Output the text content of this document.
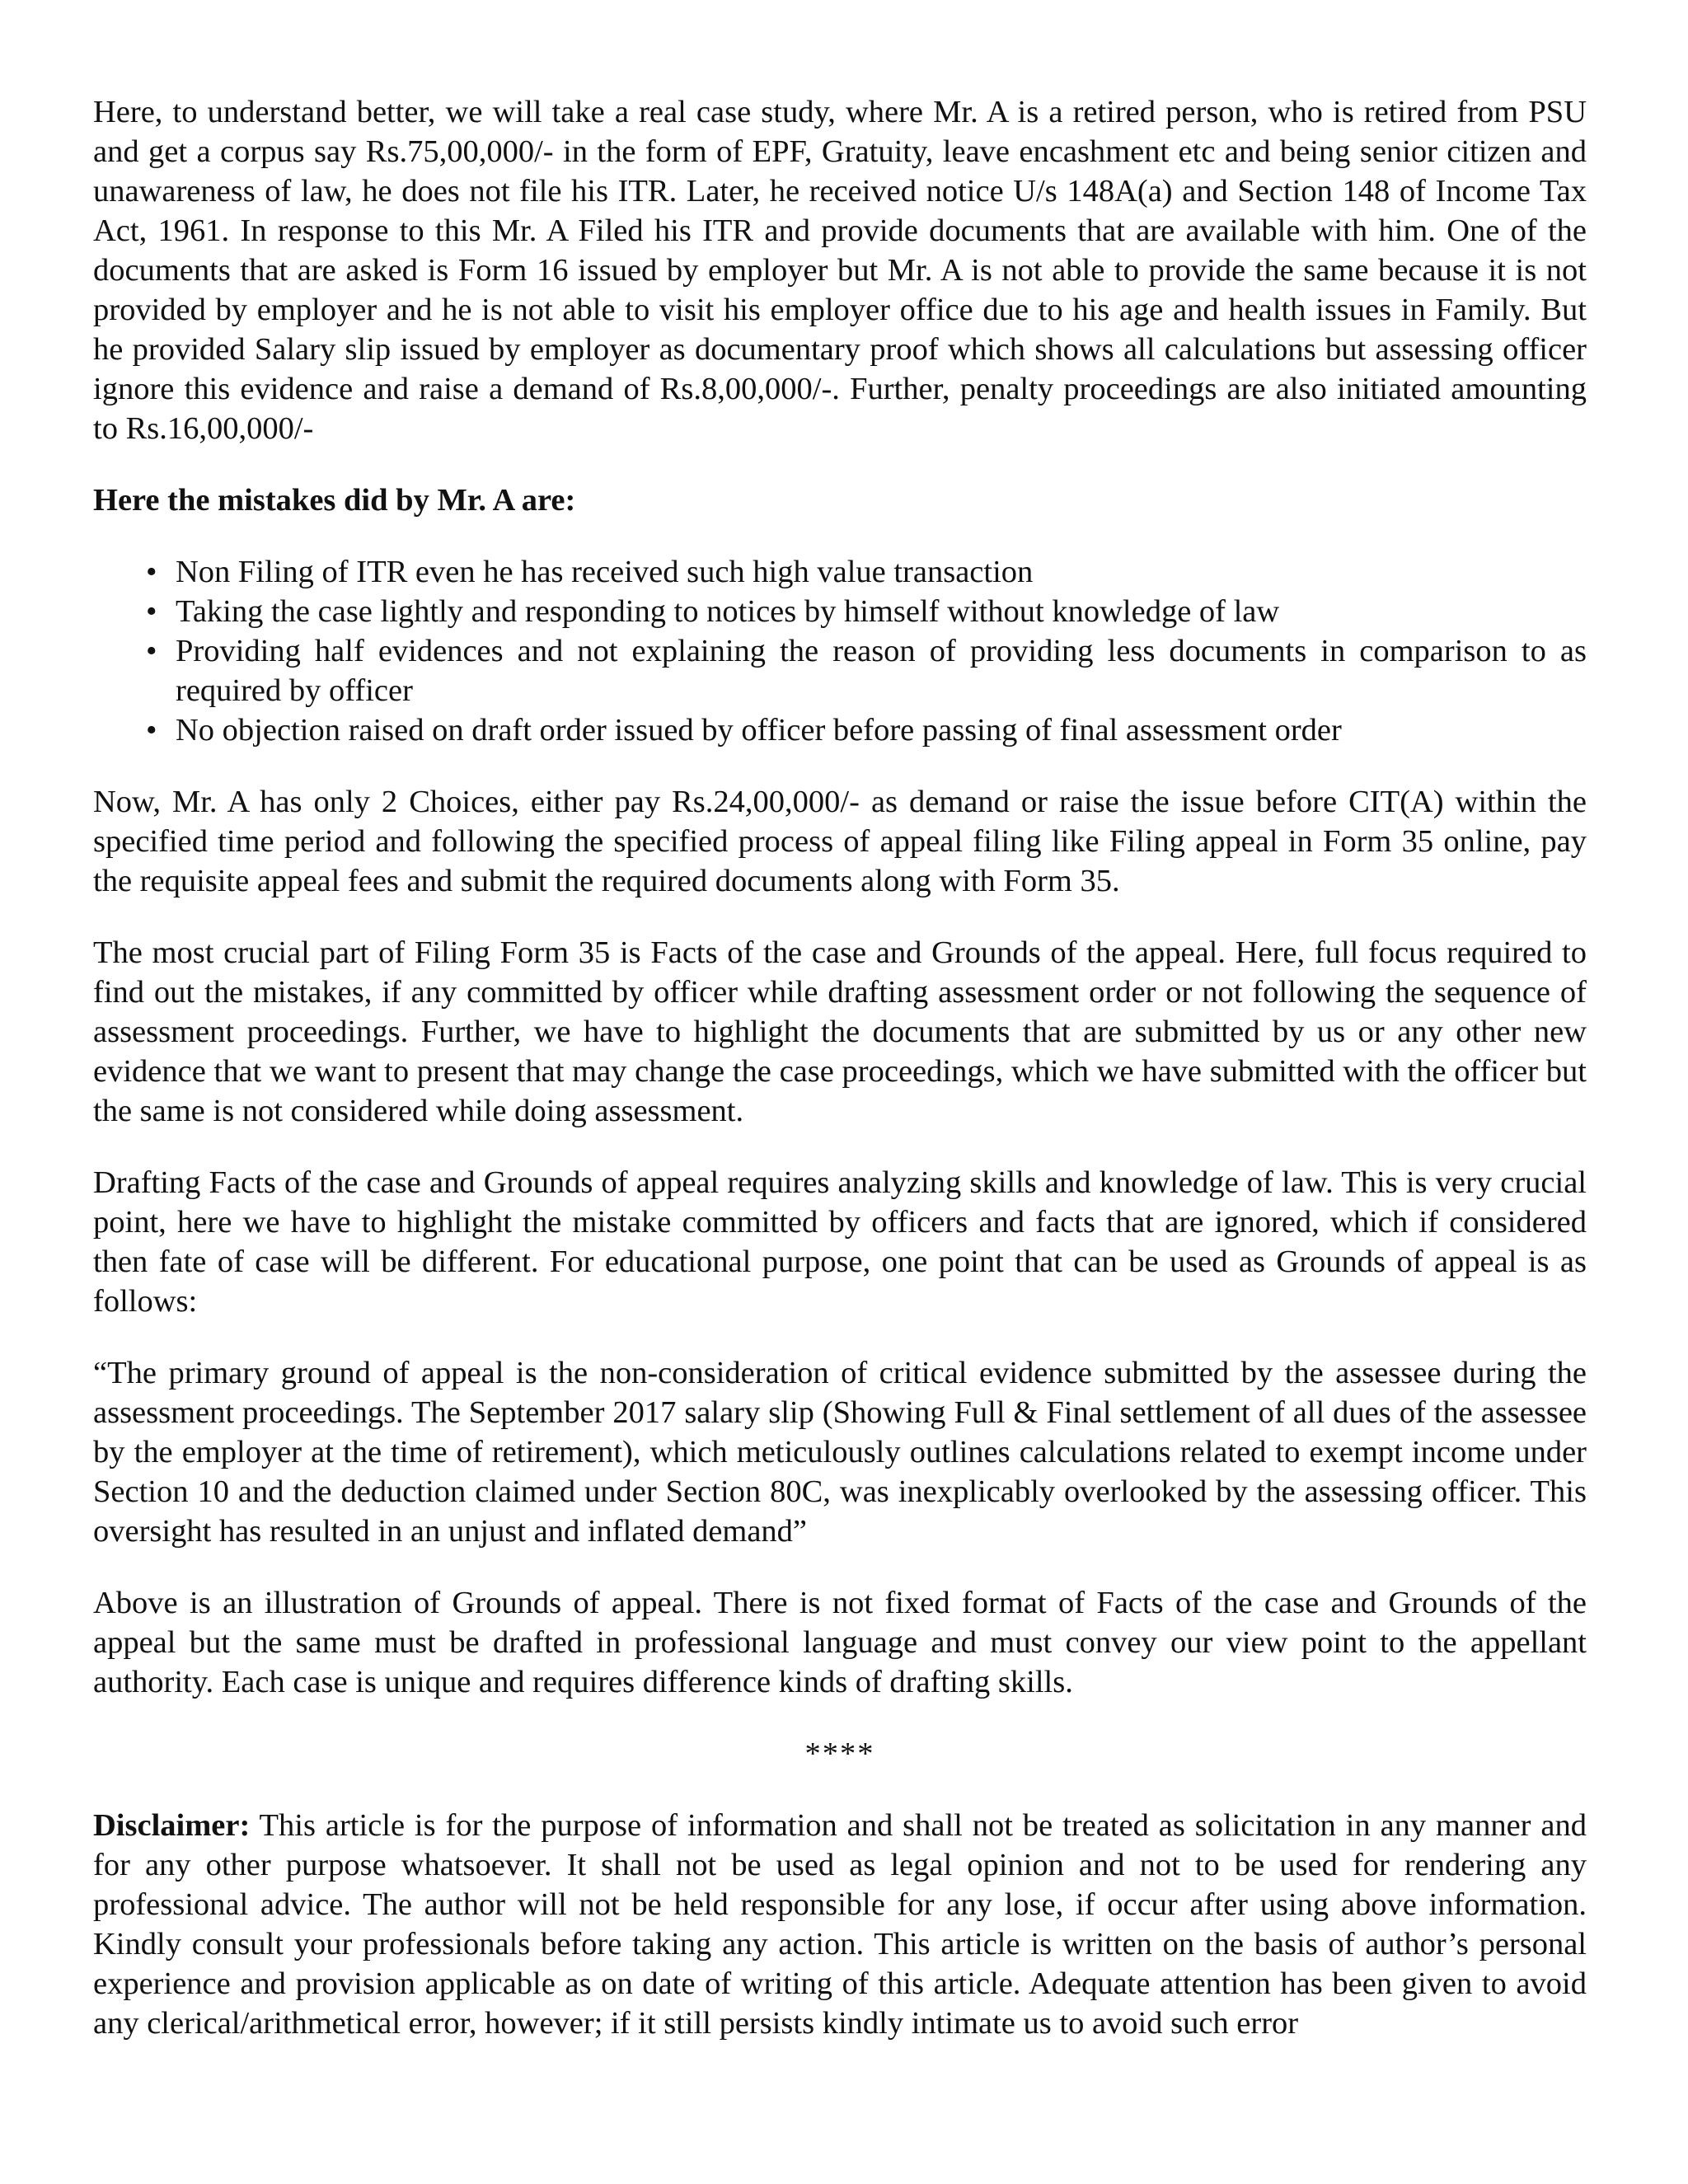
Here, to understand better, we will take a real case study, where Mr. A is a retired person, who is retired from PSU and get a corpus say Rs.75,00,000/- in the form of EPF, Gratuity, leave encashment etc and being senior citizen and unawareness of law, he does not file his ITR. Later, he received notice U/s 148A(a) and Section 148 of Income Tax Act, 1961. In response to this Mr. A Filed his ITR and provide documents that are available with him. One of the documents that are asked is Form 16 issued by employer but Mr. A is not able to provide the same because it is not provided by employer and he is not able to visit his employer office due to his age and health issues in Family. But he provided Salary slip issued by employer as documentary proof which shows all calculations but assessing officer ignore this evidence and raise a demand of Rs.8,00,000/-. Further, penalty proceedings are also initiated amounting to Rs.16,00,000/-

Here the mistakes did by Mr. A are:

• Non Filing of ITR even he has received such high value transaction
• Taking the case lightly and responding to notices by himself without knowledge of law
• Providing half evidences and not explaining the reason of providing less documents in comparison to as required by officer
• No objection raised on draft order issued by officer before passing of final assessment order

Now, Mr. A has only 2 Choices, either pay Rs.24,00,000/- as demand or raise the issue before CIT(A) within the specified time period and following the specified process of appeal filing like Filing appeal in Form 35 online, pay the requisite appeal fees and submit the required documents along with Form 35.

The most crucial part of Filing Form 35 is Facts of the case and Grounds of the appeal. Here, full focus required to find out the mistakes, if any committed by officer while drafting assessment order or not following the sequence of assessment proceedings. Further, we have to highlight the documents that are submitted by us or any other new evidence that we want to present that may change the case proceedings, which we have submitted with the officer but the same is not considered while doing assessment.

Drafting Facts of the case and Grounds of appeal requires analyzing skills and knowledge of law. This is very crucial point, here we have to highlight the mistake committed by officers and facts that are ignored, which if considered then fate of case will be different. For educational purpose, one point that can be used as Grounds of appeal is as follows:

“The primary ground of appeal is the non-consideration of critical evidence submitted by the assessee during the assessment proceedings. The September 2017 salary slip (Showing Full & Final settlement of all dues of the assessee by the employer at the time of retirement), which meticulously outlines calculations related to exempt income under Section 10 and the deduction claimed under Section 80C, was inexplicably overlooked by the assessing officer. This oversight has resulted in an unjust and inflated demand”

Above is an illustration of Grounds of appeal. There is not fixed format of Facts of the case and Grounds of the appeal but the same must be drafted in professional language and must convey our view point to the appellant authority. Each case is unique and requires difference kinds of drafting skills.

****

Disclaimer: This article is for the purpose of information and shall not be treated as solicitation in any manner and for any other purpose whatsoever. It shall not be used as legal opinion and not to be used for rendering any professional advice. The author will not be held responsible for any lose, if occur after using above information. Kindly consult your professionals before taking any action. This article is written on the basis of author’s personal experience and provision applicable as on date of writing of this article. Adequate attention has been given to avoid any clerical/arithmetical error, however; if it still persists kindly intimate us to avoid such error
